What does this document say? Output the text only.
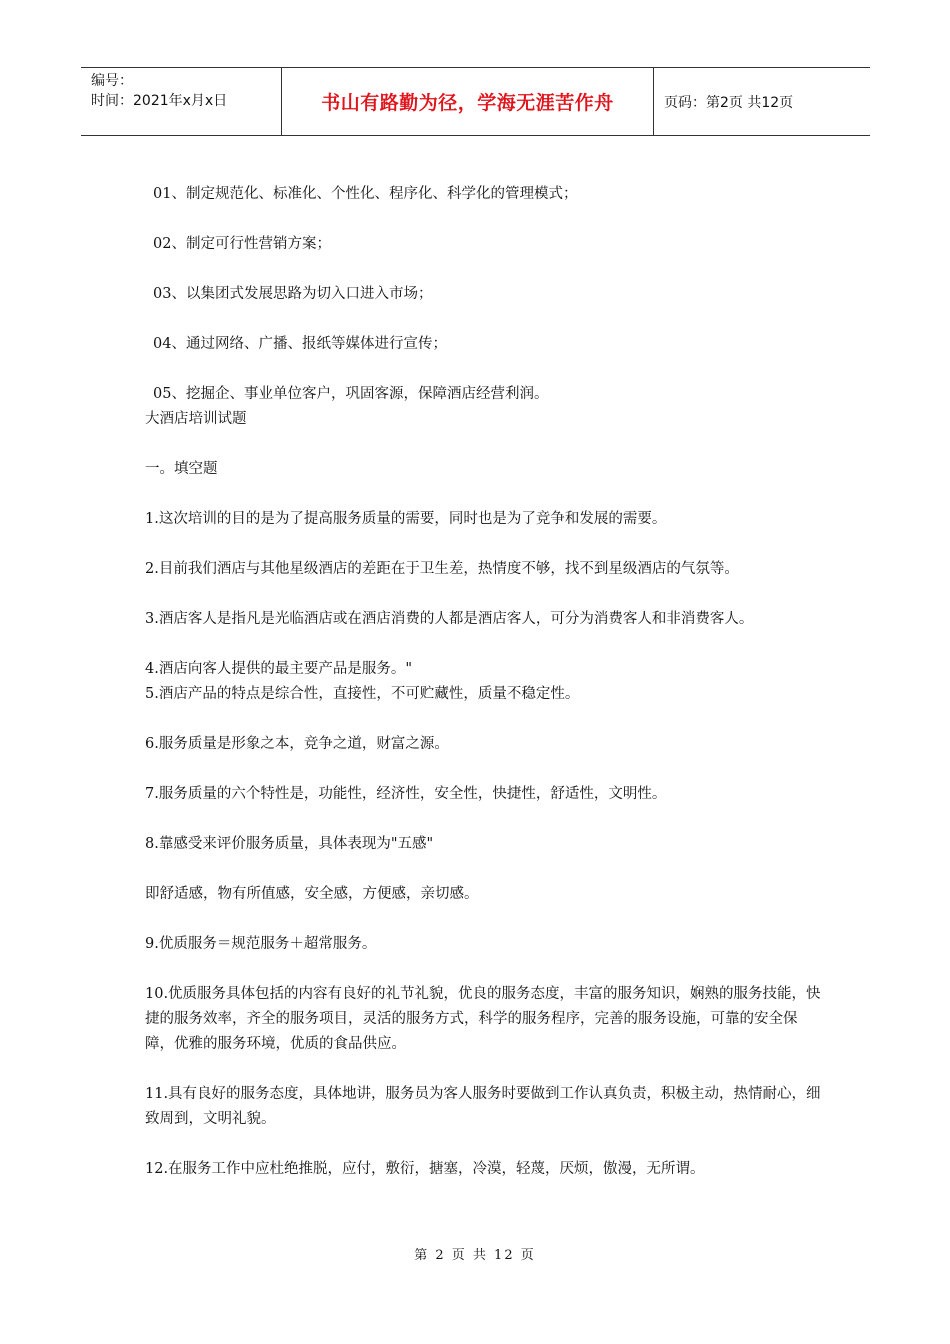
编号：
时间：2021年x月x日	书山有路勤为径，学海无涯苦作舟	页码：第2页 共12页

01、制定规范化、标准化、个性化、程序化、科学化的管理模式；

02、制定可行性营销方案；

03、以集团式发展思路为切入口进入市场；

04、通过网络、广播、报纸等媒体进行宣传；

05、挖掘企、事业单位客户，巩固客源，保障酒店经营利润。

大酒店培训试题

一。填空题

1.这次培训的目的是为了提高服务质量的需要，同时也是为了竞争和发展的需要。

2.目前我们酒店与其他星级酒店的差距在于卫生差，热情度不够，找不到星级酒店的气氛等。

3.酒店客人是指凡是光临酒店或在酒店消费的人都是酒店客人，可分为消费客人和非消费客人。

4.酒店向客人提供的最主要产品是服务。"

5.酒店产品的特点是综合性，直接性，不可贮藏性，质量不稳定性。

6.服务质量是形象之本，竞争之道，财富之源。

7.服务质量的六个特性是，功能性，经济性，安全性，快捷性，舒适性，文明性。

8.靠感受来评价服务质量，具体表现为"五感"

即舒适感，物有所值感，安全感，方便感，亲切感。

9.优质服务＝规范服务＋超常服务。

10.优质服务具体包括的内容有良好的礼节礼貌，优良的服务态度，丰富的服务知识，娴熟的服务技能，快捷的服务效率，齐全的服务项目，灵活的服务方式，科学的服务程序，完善的服务设施，可靠的安全保障，优雅的服务环境，优质的食品供应。

11.具有良好的服务态度，具体地讲，服务员为客人服务时要做到工作认真负责，积极主动，热情耐心，细致周到，文明礼貌。

12.在服务工作中应杜绝推脱，应付，敷衍，搪塞，冷漠，轻蔑，厌烦，傲漫，无所谓。

第 2 页 共 12 页
